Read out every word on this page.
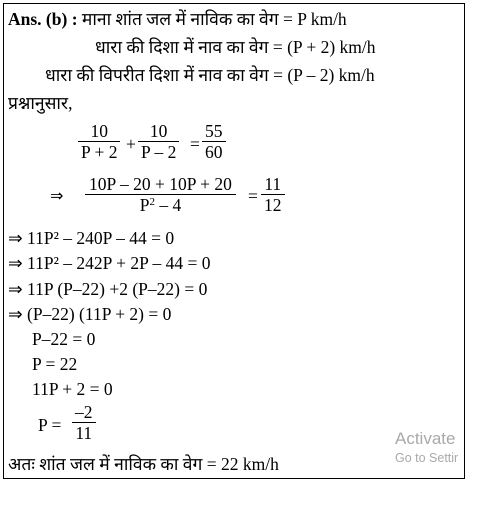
Ans. (b) : माना शांत जल में नाविक का वेग = P km/h
धारा की दिशा में नाव का वेग = (P + 2) km/h
धारा की विपरीत दिशा में नाव का वेग = (P – 2) km/h
प्रश्नानुसार,
10
P + 2 +
10
P – 2 =
55
60
⇒
10P – 20 + 10P + 20
$P^2 - 4$	=
11
12
⇒ 11P² – 240P – 44 = 0
⇒ 11P² – 242P + 2P – 44 = 0
⇒ 11P (P–22) +2 (P–22) = 0
⇒ (P–22) (11P + 2) = 0
P–22 = 0
P = 22
11P + 2 = 0
P =
–2
11
अतः शांत जल में नाविक का वेग = 22 km/h
Activate
Go to Settir
